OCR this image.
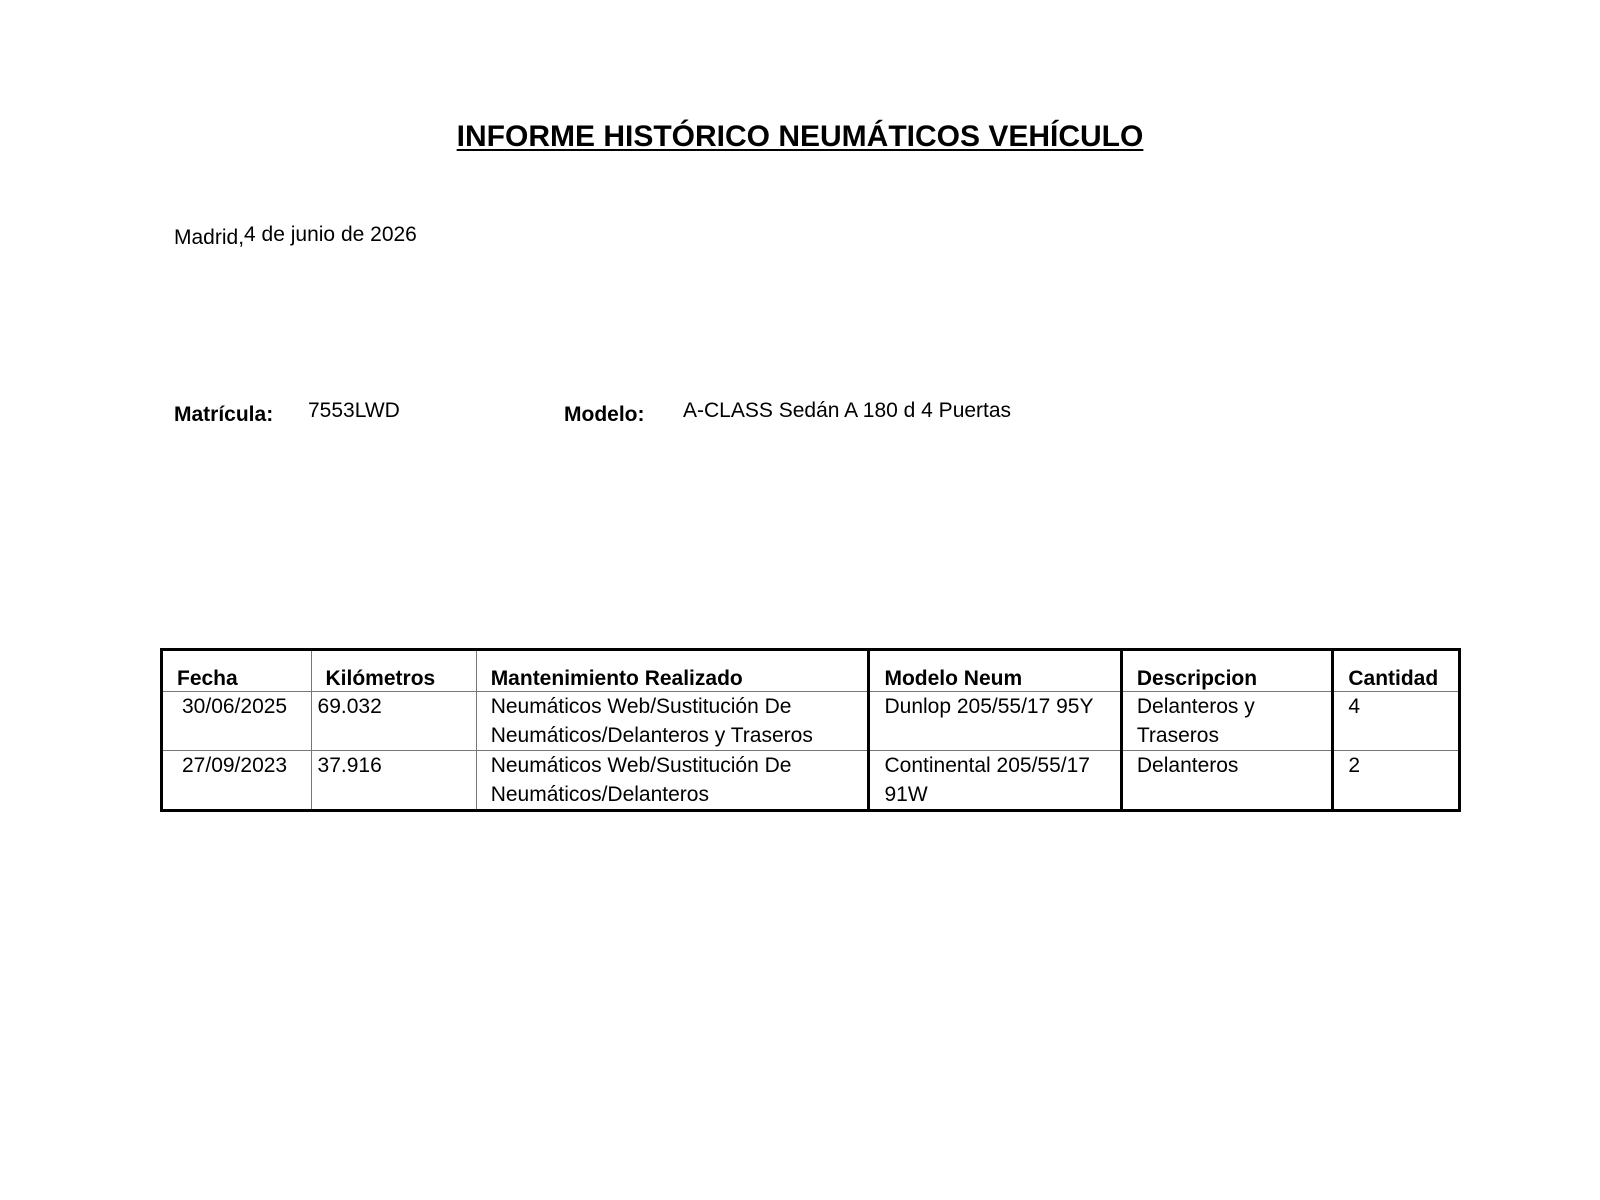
INFORME HISTÓRICO NEUMÁTICOS VEHÍCULO
Madrid,4 de junio de 2026
Matrícula: 7553LWD	Modelo: A-CLASS Sedán A 180 d 4 Puertas
Fecha	Kilómetros	Mantenimiento Realizado	Modelo Neum	Descripcion	Cantidad
30/06/2025	69.032	Neumáticos Web/Sustitución De Neumáticos/Delanteros y Traseros	Dunlop 205/55/17 95Y	Delanteros y Traseros	4
27/09/2023	37.916	Neumáticos Web/Sustitución De Neumáticos/Delanteros	Continental 205/55/17 91W	Delanteros	2
